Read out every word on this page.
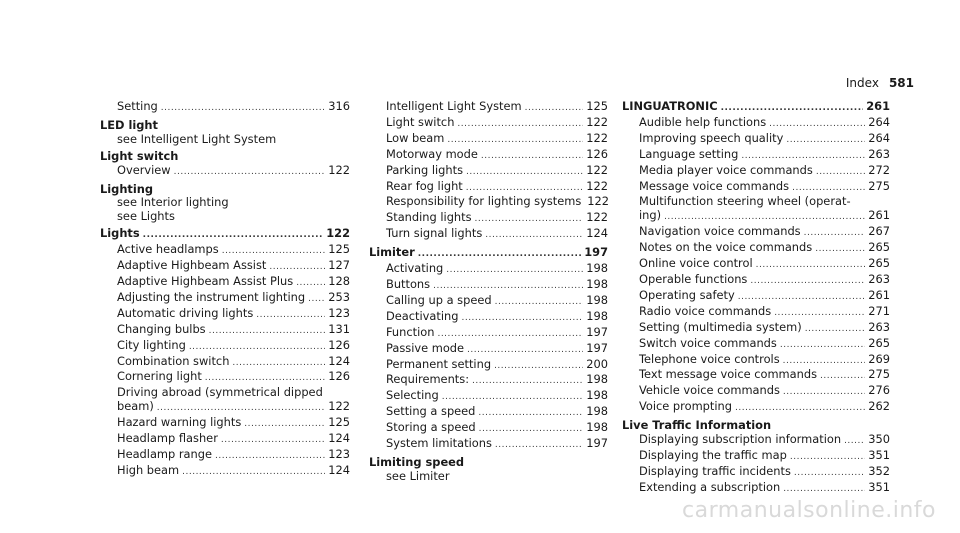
Index 581
Setting .....	316
LED light
see Intelligent Light System
Light switch
Overview .....	122
Lighting
see Interior lighting
see Lights
Lights .....	122
Active headlamps .....	125
Adaptive Highbeam Assist .....	127
Adaptive Highbeam Assist Plus .....	128
Adjusting the instrument lighting ..... 253
Automatic driving lights .....	123
Changing bulbs .....	131
City lighting .....	126
Combination switch .....	124
Cornering light .....	126
Driving abroad (symmetrical dipped
beam) .....	122
Hazard warning lights .....	125
Headlamp flasher .....	124
Headlamp range .....	123
High beam .....	124
Intelligent Light System .....	125
Light switch .....	122
Low beam .....	122
Motorway mode .....	126
Parking lights .....	122
Rear fog light .....	122
Responsibility for lighting systems 122
Standing lights .....	122
Turn signal lights .....	124
Limiter .....	197
Activating .....	198
Buttons .....	198
Calling up a speed .....	198
Deactivating .....	198
Function .....	197
Passive mode .....	197
Permanent setting .....	200
Requirements: .....	198
Selecting .....	198
Setting a speed .....	198
Storing a speed .....	198
System limitations .....	197
Limiting speed
see Limiter
LINGUATRONIC .....	261
Audible help functions .....	264
Improving speech quality .....	264
Language setting .....	263
Media player voice commands .....	272
Message voice commands .....	275
Multifunction steering wheel (operat-
ing) .....	261
Navigation voice commands .....	267
Notes on the voice commands .....	265
Online voice control .....	265
Operable functions .....	263
Operating safety .....	261
Radio voice commands .....	271
Setting (multimedia system) .....	263
Switch voice commands .....	265
Telephone voice controls .....	269
Text message voice commands .....	275
Vehicle voice commands .....	276
Voice prompting .....	262
Live Traffic Information
Displaying subscription information ..... 350
Displaying the traffic map .....	351
Displaying traffic incidents .....	352
Extending a subscription .....	351
carmanualsonline.info
